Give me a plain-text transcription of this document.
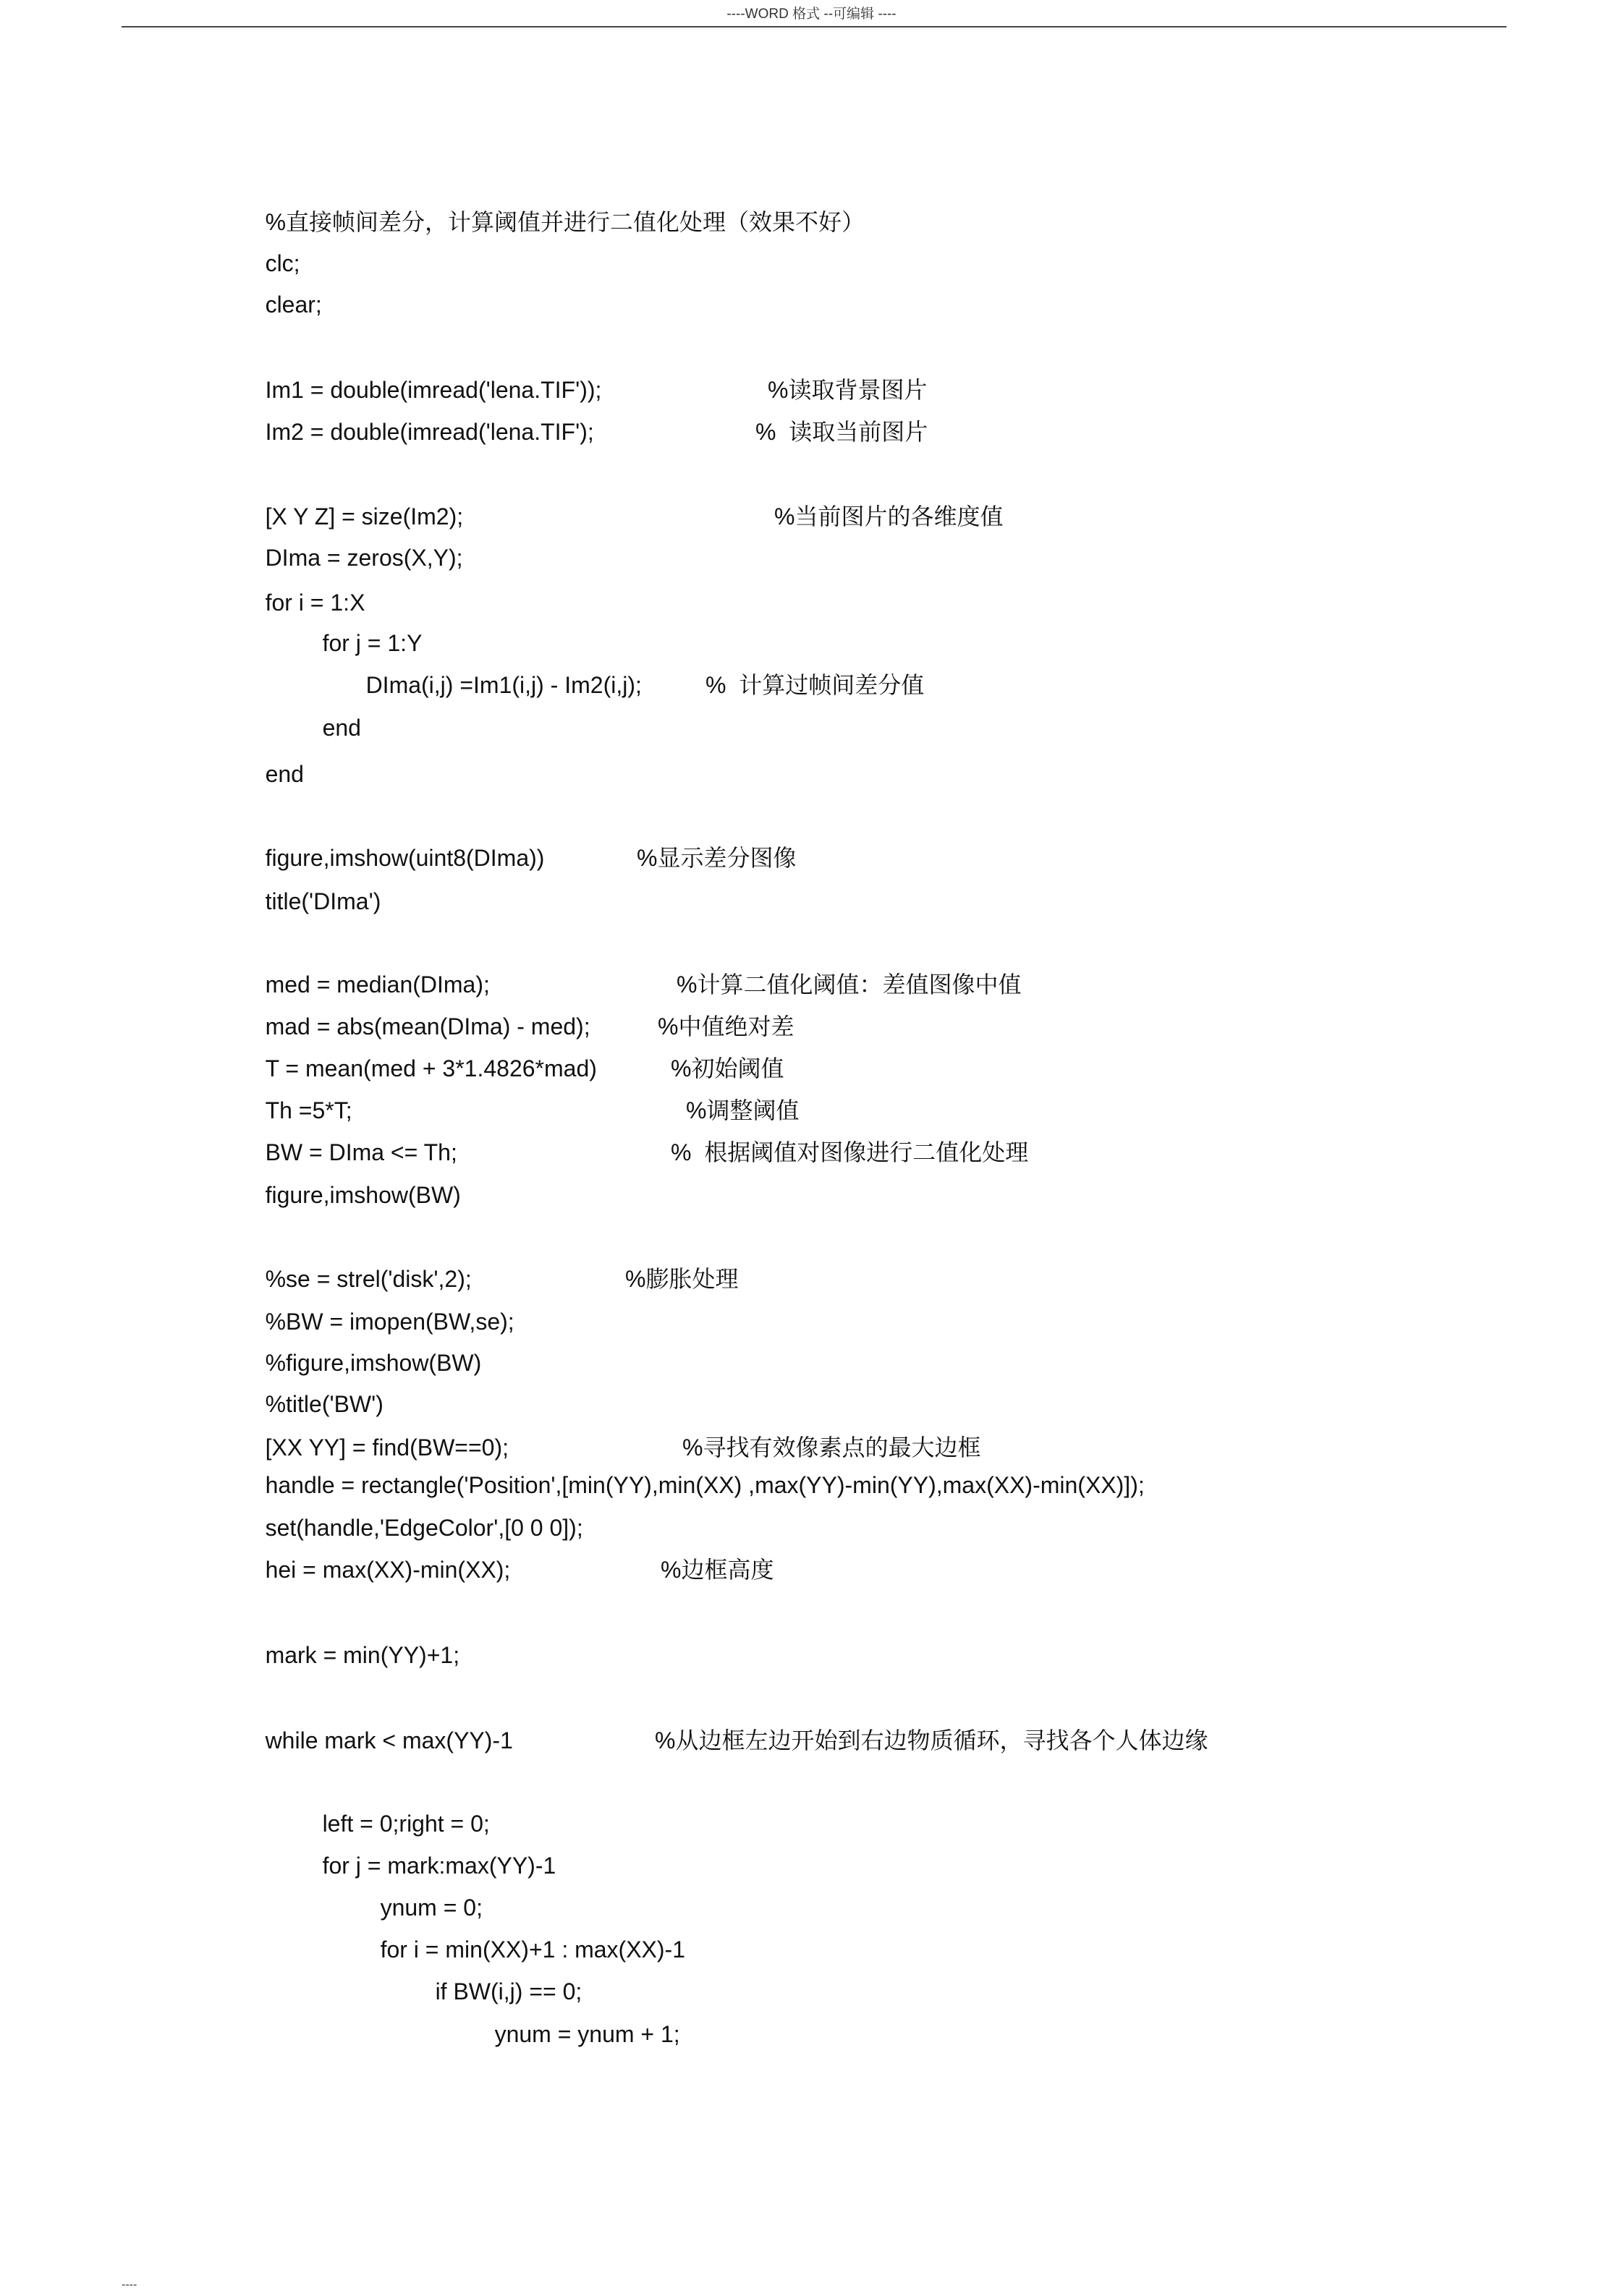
----WORD 格式 --可编辑 ----

%直接帧间差分，计算阈值并进行二值化处理（效果不好）

clc;

clear;

Im1 = double(imread('lena.TIF'));

	%读取背景图片

Im2 = double(imread('lena.TIF');

	%  读取当前图片

[X Y Z] = size(Im2);

	%当前图片的各维度值

DIma = zeros(X,Y);

for i = 1:X

for j = 1:Y

DIma(i,j) =Im1(i,j) - Im2(i,j);

	%  计算过帧间差分值

end

end

figure,imshow(uint8(DIma))

	%显示差分图像

title('DIma')

med = median(DIma);

	%计算二值化阈值：差值图像中值

mad = abs(mean(DIma) - med);

	%中值绝对差

T = mean(med + 3*1.4826*mad)

	%初始阈值

Th =5*T;

	%调整阈值

BW = DIma <= Th;

	%  根据阈值对图像进行二值化处理

figure,imshow(BW)

%se = strel('disk',2);

	%膨胀处理

%BW = imopen(BW,se);

%figure,imshow(BW)

%title('BW')

[XX YY] = find(BW==0);

	%寻找有效像素点的最大边框

handle = rectangle('Position',[min(YY),min(XX) ,max(YY)-min(YY),max(XX)-min(XX)]);

set(handle,'EdgeColor',[0 0 0]);

hei = max(XX)-min(XX);

	%边框高度

mark = min(YY)+1;

while mark < max(YY)-1

	%从边框左边开始到右边物质循环，寻找各个人体边缘

left = 0;right = 0;

for j = mark:max(YY)-1

ynum = 0;

for i = min(XX)+1 : max(XX)-1

if BW(i,j) == 0;

ynum = ynum + 1;

----
